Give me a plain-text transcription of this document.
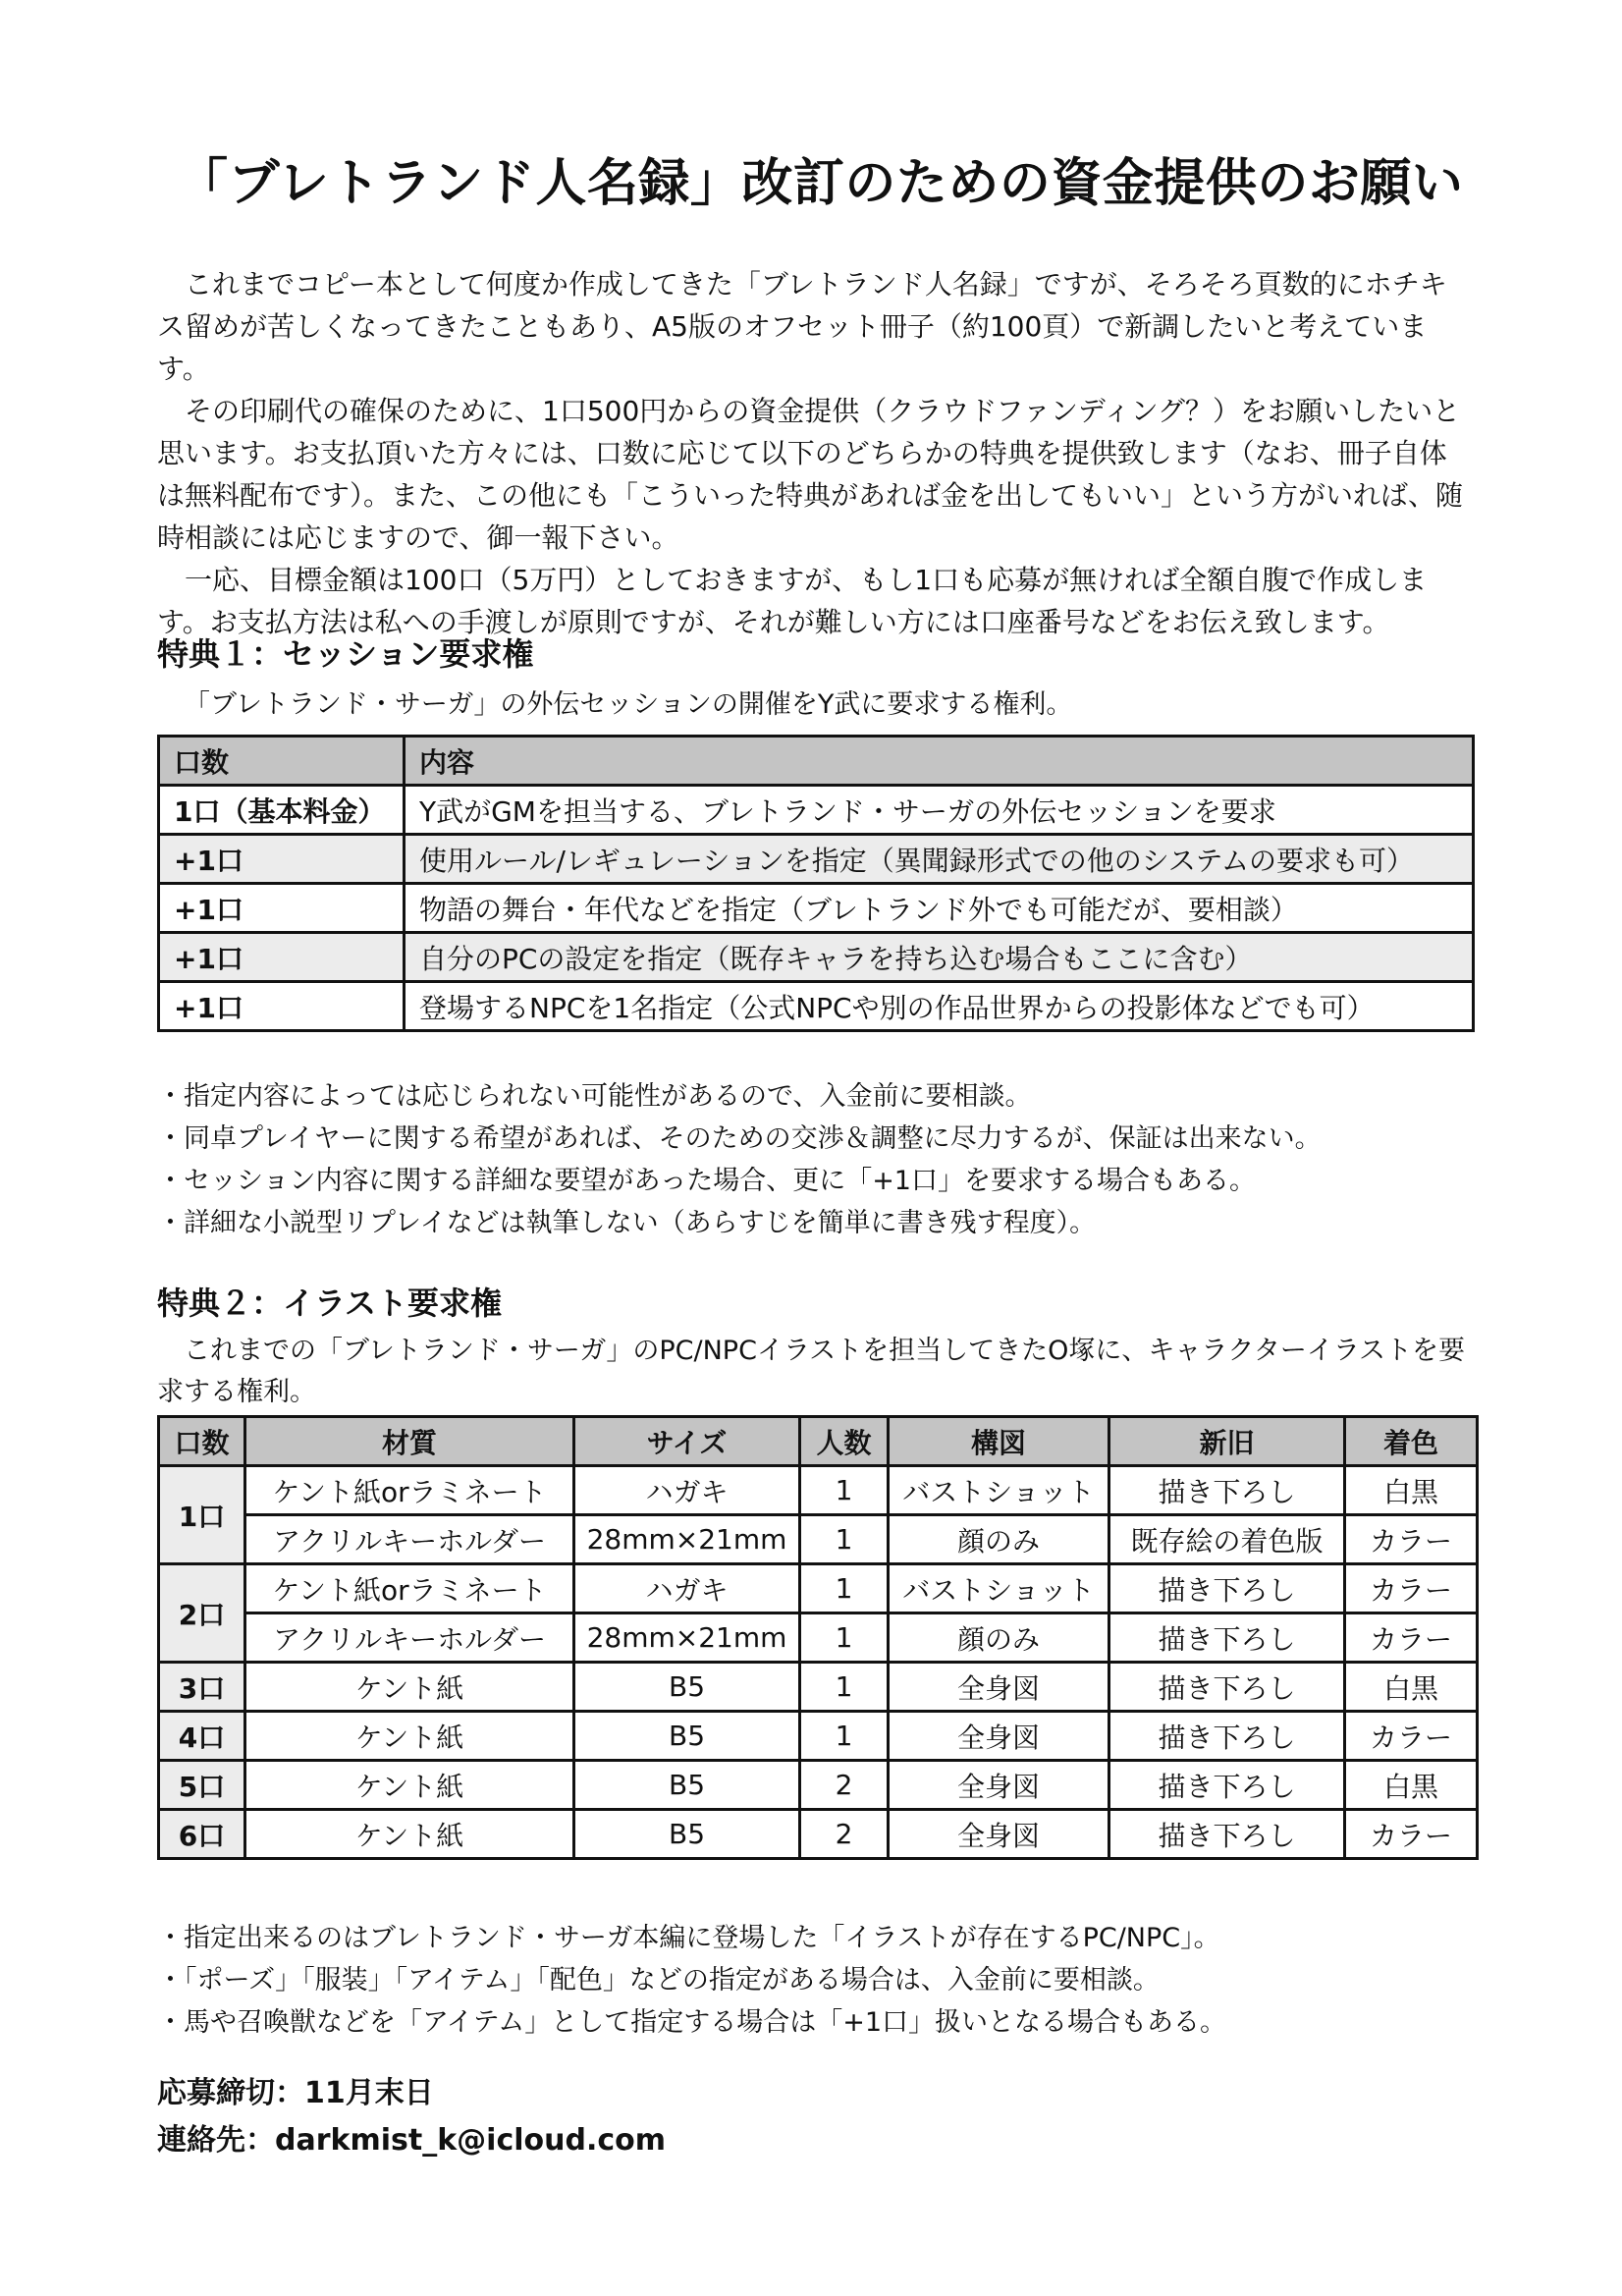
「ブレトランド人名録」改訂のための資金提供のお願い

これまでコピー本として何度か作成してきた「ブレトランド人名録」ですが、そろそろ頁数的にホチキス留めが苦しくなってきたこともあり、A5版のオフセット冊子（約100頁）で新調したいと考えています。

その印刷代の確保のために、1口500円からの資金提供（クラウドファンディング？）をお願いしたいと思います。お支払頂いた方々には、口数に応じて以下のどちらかの特典を提供致します（なお、冊子自体は無料配布です）。また、この他にも「こういった特典があれば金を出してもいい」という方がいれば、随時相談には応じますので、御一報下さい。

一応、目標金額は100口（5万円）としておきますが、もし1口も応募が無ければ全額自腹で作成します。お支払方法は私への手渡しが原則ですが、それが難しい方には口座番号などをお伝え致します。

特典１：セッション要求権
「ブレトランド・サーガ」の外伝セッションの開催をY武に要求する権利。
口数	内容
1口（基本料金）	Y武がGMを担当する、ブレトランド・サーガの外伝セッションを要求
+1口	使用ルール/レギュレーションを指定（異聞録形式での他のシステムの要求も可）
+1口	物語の舞台・年代などを指定（ブレトランド外でも可能だが、要相談）
+1口	自分のPCの設定を指定（既存キャラを持ち込む場合もここに含む）
+1口	登場するNPCを1名指定（公式NPCや別の作品世界からの投影体などでも可）
・指定内容によっては応じられない可能性があるので、入金前に要相談。
・同卓プレイヤーに関する希望があれば、そのための交渉＆調整に尽力するが、保証は出来ない。
・セッション内容に関する詳細な要望があった場合、更に「+1口」を要求する場合もある。
・詳細な小説型リプレイなどは執筆しない（あらすじを簡単に書き残す程度）。
特典２：イラスト要求権
これまでの「ブレトランド・サーガ」のPC/NPCイラストを担当してきたO塚に、キャラクターイラストを要求する権利。
口数	材質	サイズ	人数	構図	新旧	着色
1口	ケント紙orラミネート	ハガキ	1	バストショット	描き下ろし	白黒
	アクリルキーホルダー	28mm×21mm	1	顔のみ	既存絵の着色版	カラー
2口	ケント紙orラミネート	ハガキ	1	バストショット	描き下ろし	カラー
	アクリルキーホルダー	28mm×21mm	1	顔のみ	描き下ろし	カラー
3口	ケント紙	B5	1	全身図	描き下ろし	白黒
4口	ケント紙	B5	1	全身図	描き下ろし	カラー
5口	ケント紙	B5	2	全身図	描き下ろし	白黒
6口	ケント紙	B5	2	全身図	描き下ろし	カラー
・指定出来るのはブレトランド・サーガ本編に登場した「イラストが存在するPC/NPC」。
・「ポーズ」「服装」「アイテム」「配色」などの指定がある場合は、入金前に要相談。
・馬や召喚獣などを「アイテム」として指定する場合は「+1口」扱いとなる場合もある。
応募締切：11月末日
連絡先：darkmist_k@icloud.com
